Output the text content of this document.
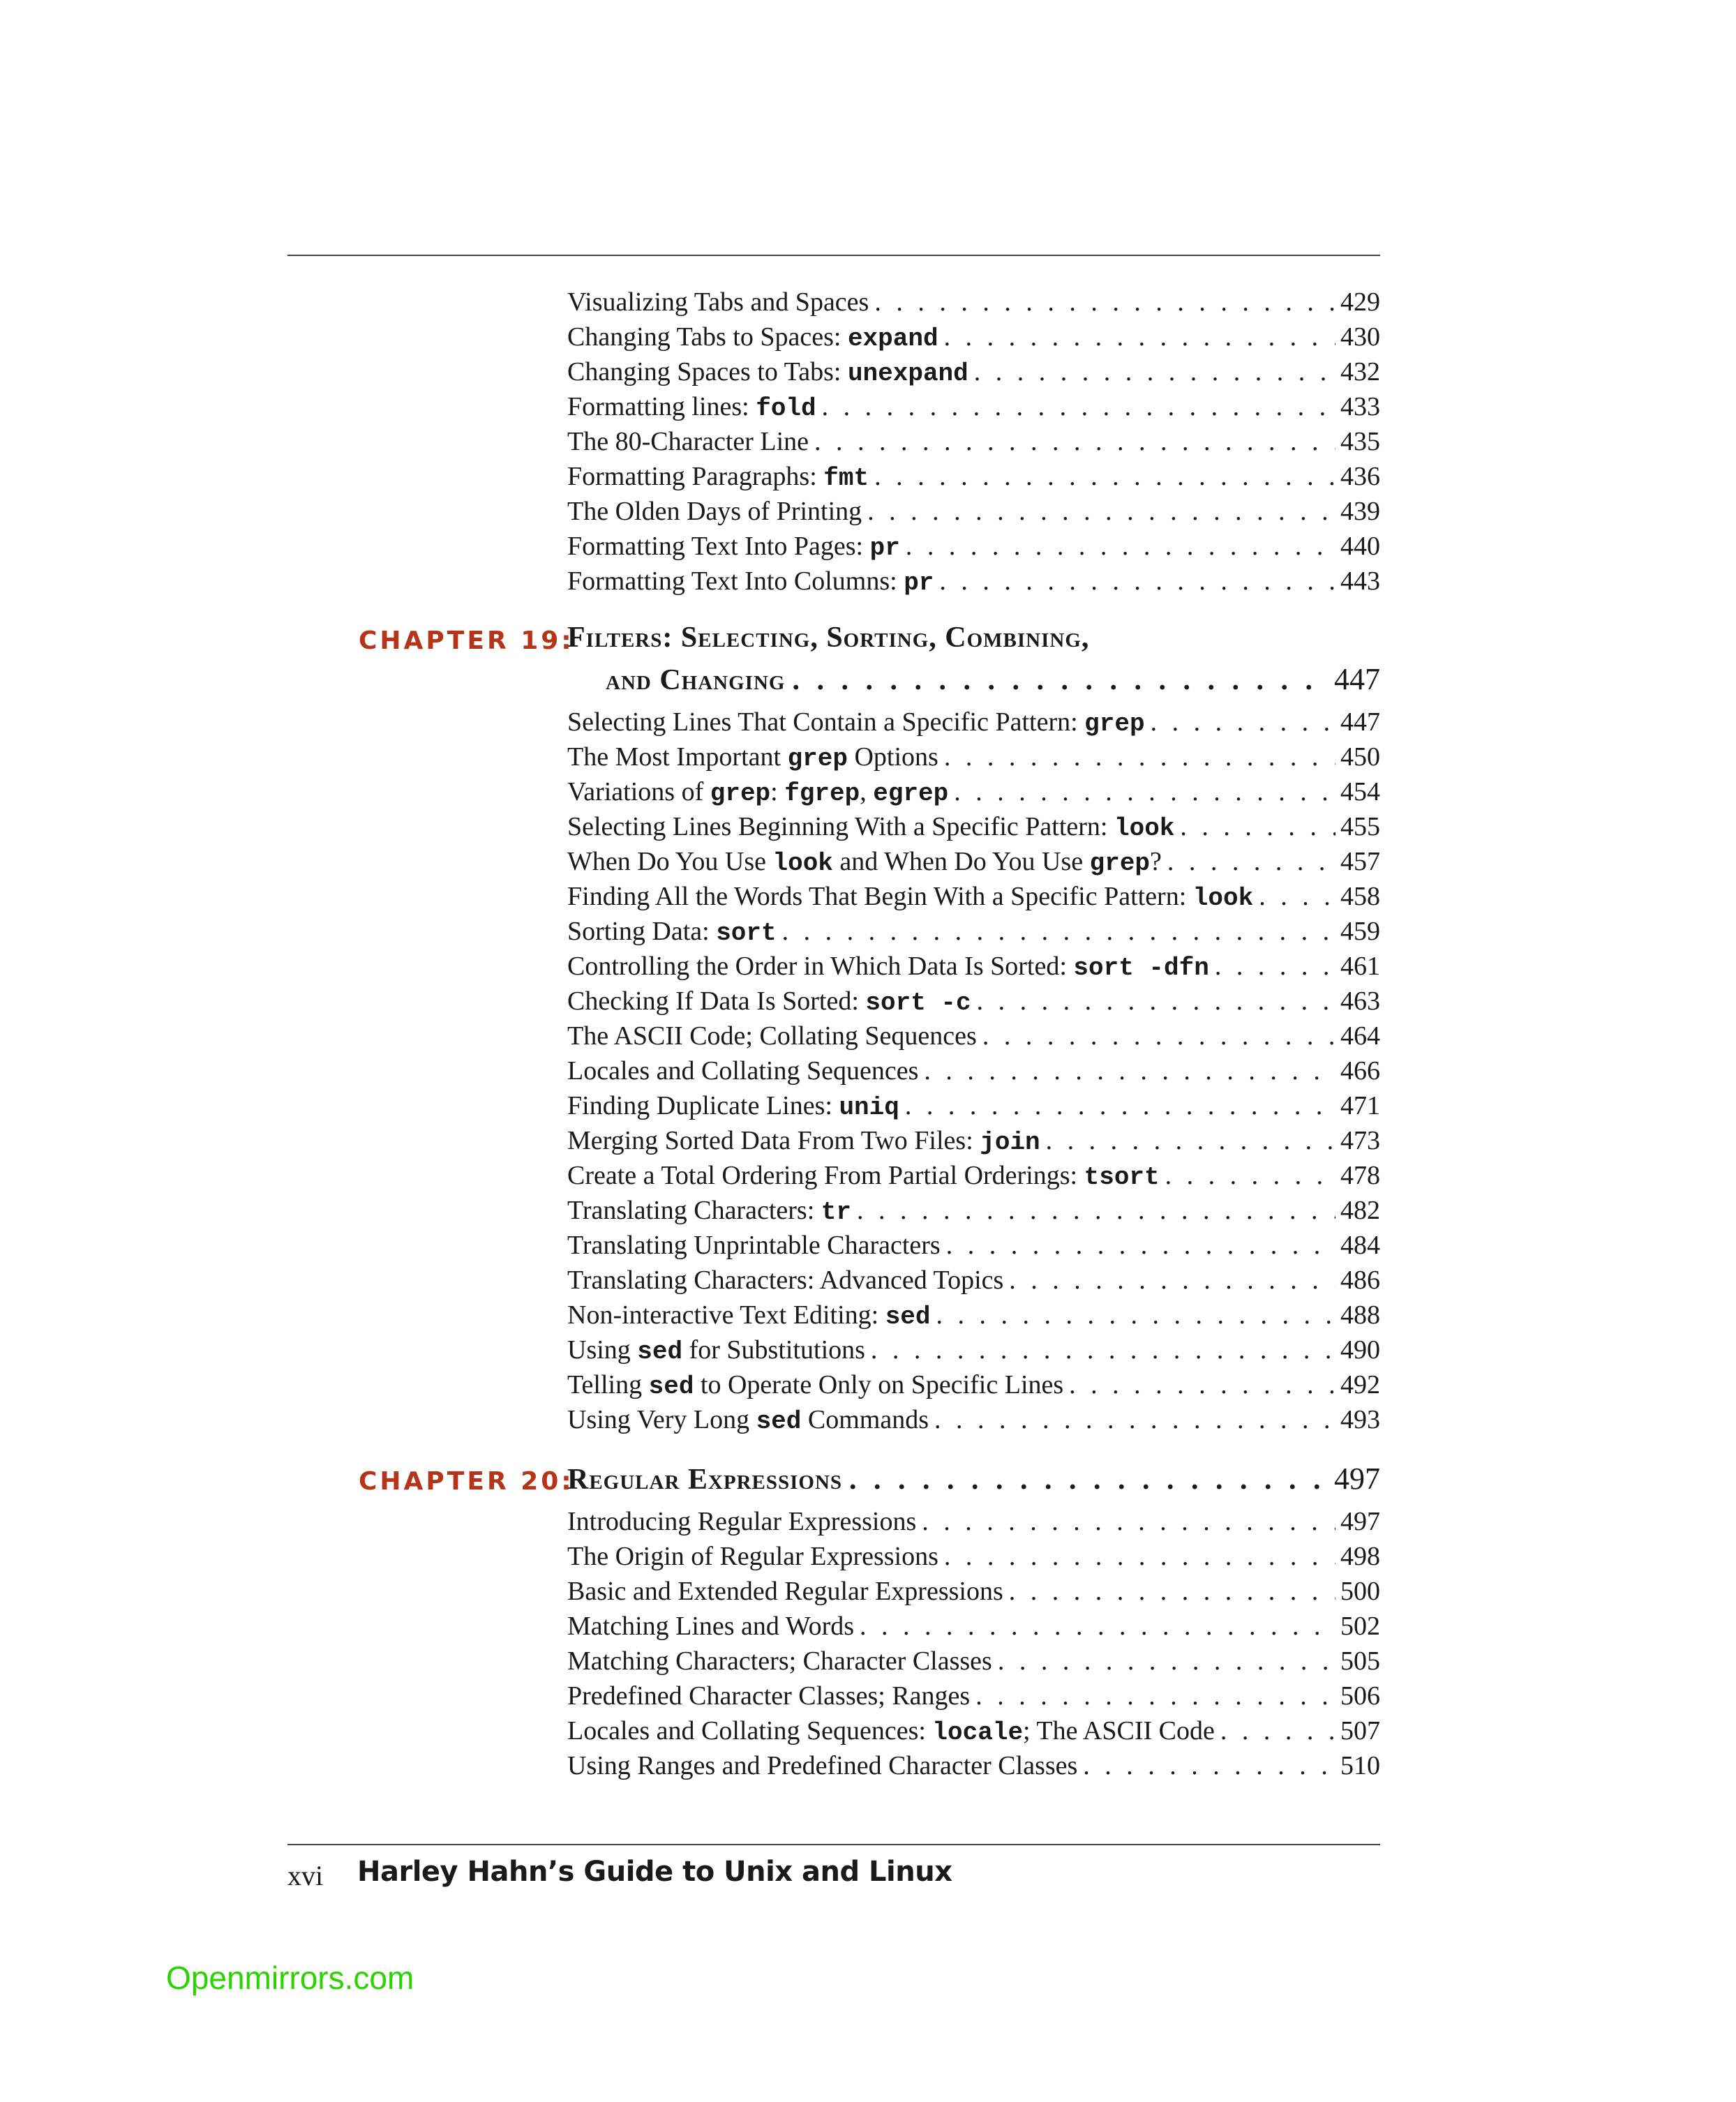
Visualizing Tabs and Spaces . . .	429
Changing Tabs to Spaces: expand . . .	430
Changing Spaces to Tabs: unexpand . . .	432
Formatting lines: fold . . .	433
The 80-Character Line . . .	435
Formatting Paragraphs: fmt . . .	436
The Olden Days of Printing . . .	439
Formatting Text Into Pages: pr . . .	440
Formatting Text Into Columns: pr . . .	443
CHAPTER 19:
Filters: Selecting, Sorting, Combining,
and Changing . . .	447
Selecting Lines That Contain a Specific Pattern: grep . . .	447
The Most Important grep Options . . .	450
Variations of grep: fgrep, egrep . . .	454
Selecting Lines Beginning With a Specific Pattern: look . . .	455
When Do You Use look and When Do You Use grep? . . .	457
Finding All the Words That Begin With a Specific Pattern: look . . .	458
Sorting Data: sort . . .	459
Controlling the Order in Which Data Is Sorted: sort -dfn . . .	461
Checking If Data Is Sorted: sort -c . . .	463
The ASCII Code; Collating Sequences . . .	464
Locales and Collating Sequences . . .	466
Finding Duplicate Lines: uniq . . .	471
Merging Sorted Data From Two Files: join . . .	473
Create a Total Ordering From Partial Orderings: tsort . . .	478
Translating Characters: tr . . .	482
Translating Unprintable Characters . . .	484
Translating Characters: Advanced Topics . . .	486
Non-interactive Text Editing: sed . . .	488
Using sed for Substitutions . . .	490
Telling sed to Operate Only on Specific Lines . . .	492
Using Very Long sed Commands . . .	493
CHAPTER 20:
Regular Expressions . . .	497
Introducing Regular Expressions . . .	497
The Origin of Regular Expressions . . .	498
Basic and Extended Regular Expressions . . .	500
Matching Lines and Words . . .	502
Matching Characters; Character Classes . . .	505
Predefined Character Classes; Ranges . . .	506
Locales and Collating Sequences: locale; The ASCII Code . . .	507
Using Ranges and Predefined Character Classes . . .	510
xvi Harley Hahn’s Guide to Unix and Linux
Openmirrors.com
